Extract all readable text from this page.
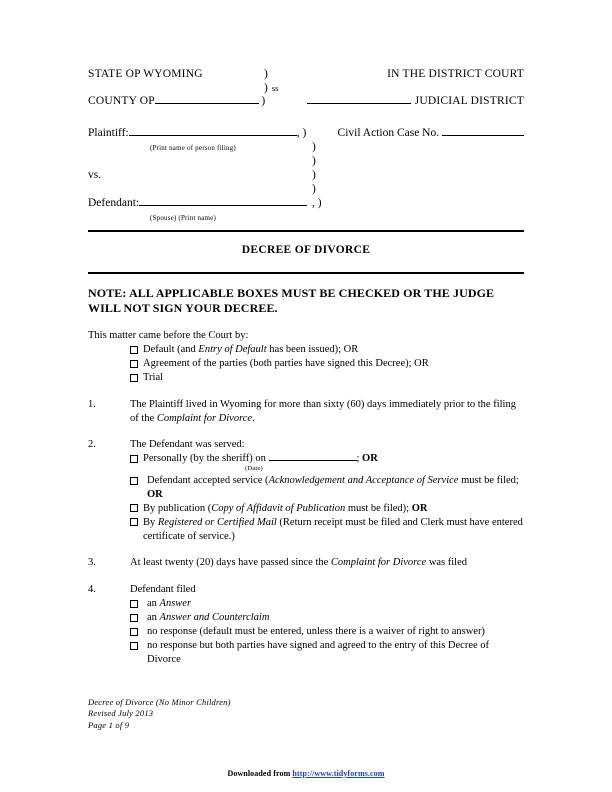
STATE OP WYOMING	)	IN THE DISTRICT COURT

) ss

COUNTY OP	)	JUDICIAL DISTRICT
Plaintiff:	, )	Civil Action Case No.
(Print name of person filing)	)

)

vs.	)

)

Defendant:	, )

(Spouse) (Print name)

DECREE OF DIVORCE
NOTE: ALL APPLICABLE BOXES MUST BE CHECKED OR THE JUDGE WILL NOT SIGN YOUR DECREE.
This matter came before the Court by:
Default (and Entry of Default has been issued); OR
Agreement of the parties (both parties have signed this Decree); OR
Trial
1.	The Plaintiff lived in Wyoming for more than sixty (60) days immediately prior to the filing of the Complaint for Divorce.
2.	The Defendant was served:
Personally (by the sheriff) on	; OR
(Date)
Defendant accepted service (Acknowledgement and Acceptance of Service must be filed; OR
By publication (Copy of Affidavit of Publication must be filed); OR
By Registered or Certified Mail (Return receipt must be filed and Clerk must have entered certificate of service.)
3.	At least twenty (20) days have passed since the Complaint for Divorce was filed
4.	Defendant filed
an Answer
an Answer and Counterclaim
no response (default must be entered, unless there is a waiver of right to answer)
no response but both parties have signed and agreed to the entry of this Decree of Divorce
Decree of Divorce (No Minor Children)
Revised July 2013
Page 1 of 9
Downloaded from http://www.tidyforms.com
